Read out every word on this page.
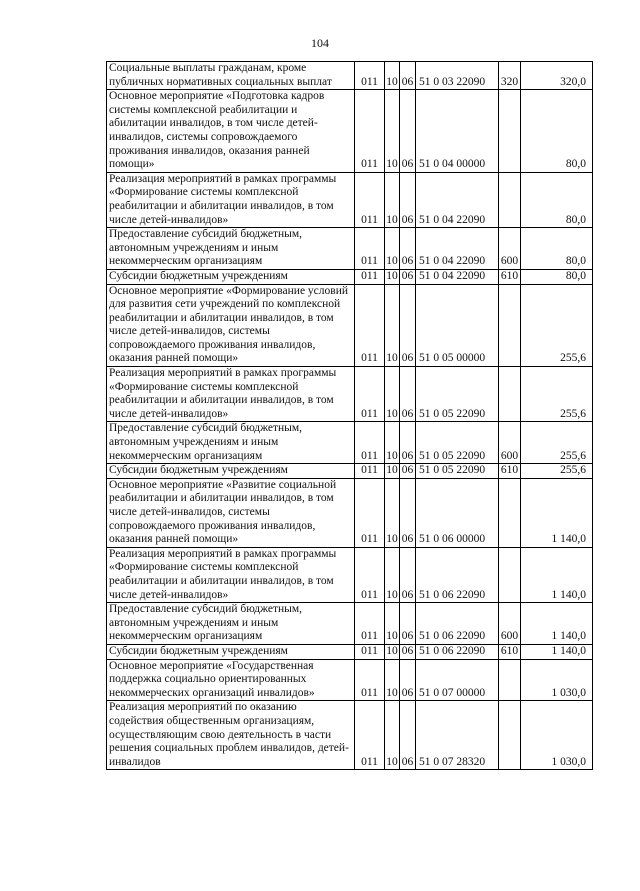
104
Социальные выплаты гражданам, кроме публичных нормативных социальных выплат	011	10	06	51 0 03 22090	320	320,0
Основное мероприятие «Подготовка кадров системы комплексной реабилитации и абилитации инвалидов, в том числе детей-инвалидов, системы сопровождаемого проживания инвалидов, оказания ранней помощи»	011	10	06	51 0 04 00000		80,0
Реализация мероприятий в рамках программы «Формирование системы комплексной реабилитации и абилитации инвалидов, в том числе детей-инвалидов»	011	10	06	51 0 04 22090		80,0
Предоставление субсидий бюджетным, автономным учреждениям и иным некоммерческим организациям	011	10	06	51 0 04 22090	600	80,0
Субсидии бюджетным учреждениям	011	10	06	51 0 04 22090	610	80,0
Основное мероприятие «Формирование условий для развития сети учреждений по комплексной реабилитации и абилитации инвалидов, в том числе детей-инвалидов, системы сопровождаемого проживания инвалидов, оказания ранней помощи»	011	10	06	51 0 05 00000		255,6
Реализация мероприятий в рамках программы «Формирование системы комплексной реабилитации и абилитации инвалидов, в том числе детей-инвалидов»	011	10	06	51 0 05 22090		255,6
Предоставление субсидий бюджетным, автономным учреждениям и иным некоммерческим организациям	011	10	06	51 0 05 22090	600	255,6
Субсидии бюджетным учреждениям	011	10	06	51 0 05 22090	610	255,6
Основное мероприятие «Развитие социальной реабилитации и абилитации инвалидов, в том числе детей-инвалидов, системы сопровождаемого проживания инвалидов, оказания ранней помощи»	011	10	06	51 0 06 00000		1 140,0
Реализация мероприятий в рамках программы «Формирование системы комплексной реабилитации и абилитации инвалидов, в том числе детей-инвалидов»	011	10	06	51 0 06 22090		1 140,0
Предоставление субсидий бюджетным, автономным учреждениям и иным некоммерческим организациям	011	10	06	51 0 06 22090	600	1 140,0
Субсидии бюджетным учреждениям	011	10	06	51 0 06 22090	610	1 140,0
Основное мероприятие «Государственная поддержка социально ориентированных некоммерческих организаций инвалидов»	011	10	06	51 0 07 00000		1 030,0
Реализация мероприятий по оказанию содействия общественным организациям, осуществляющим свою деятельность в части решения социальных проблем инвалидов, детей-инвалидов	011	10	06	51 0 07 28320		1 030,0
